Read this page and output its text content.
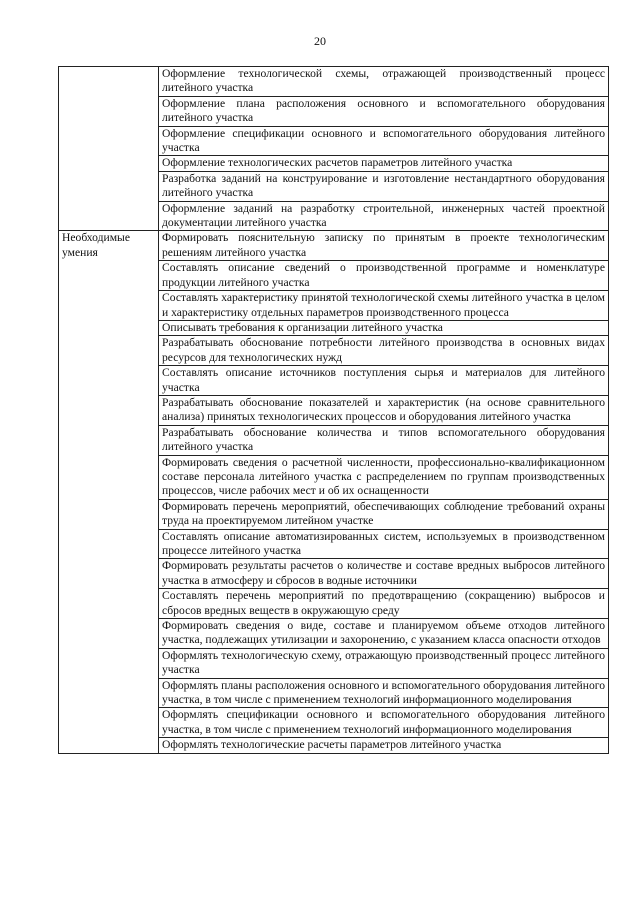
20
	Оформление технологической схемы, отражающей производственный процесс литейного участка
	Оформление плана расположения основного и вспомогательного оборудования литейного участка
	Оформление спецификации основного и вспомогательного оборудования литейного участка
	Оформление технологических расчетов параметров литейного участка
	Разработка заданий на конструирование и изготовление нестандартного оборудования литейного участка
	Оформление заданий на разработку строительной, инженерных частей проектной документации литейного участка
Необходимые умения	Формировать пояснительную записку по принятым в проекте технологическим решениям литейного участка
	Составлять описание сведений о производственной программе и номенклатуре продукции литейного участка
	Составлять характеристику принятой технологической схемы литейного участка в целом и характеристику отдельных параметров производственного процесса
	Описывать требования к организации литейного участка
	Разрабатывать обоснование потребности литейного производства в основных видах ресурсов для технологических нужд
	Составлять описание источников поступления сырья и материалов для литейного участка
	Разрабатывать обоснование показателей и характеристик (на основе сравнительного анализа) принятых технологических процессов и оборудования литейного участка
	Разрабатывать обоснование количества и типов вспомогательного оборудования литейного участка
	Формировать сведения о расчетной численности, профессионально-квалификационном составе персонала литейного участка с распределением по группам производственных процессов, числе рабочих мест и об их оснащенности
	Формировать перечень мероприятий, обеспечивающих соблюдение требований охраны труда на проектируемом литейном участке
	Составлять описание автоматизированных систем, используемых в производственном процессе литейного участка
	Формировать результаты расчетов о количестве и составе вредных выбросов литейного участка в атмосферу и сбросов в водные источники
	Составлять перечень мероприятий по предотвращению (сокращению) выбросов и сбросов вредных веществ в окружающую среду
	Формировать сведения о виде, составе и планируемом объеме отходов литейного участка, подлежащих утилизации и захоронению, с указанием класса опасности отходов
	Оформлять технологическую схему, отражающую производственный процесс литейного участка
	Оформлять планы расположения основного и вспомогательного оборудования литейного участка, в том числе с применением технологий информационного моделирования
	Оформлять спецификации основного и вспомогательного оборудования литейного участка, в том числе с применением технологий информационного моделирования
	Оформлять технологические расчеты параметров литейного участка
